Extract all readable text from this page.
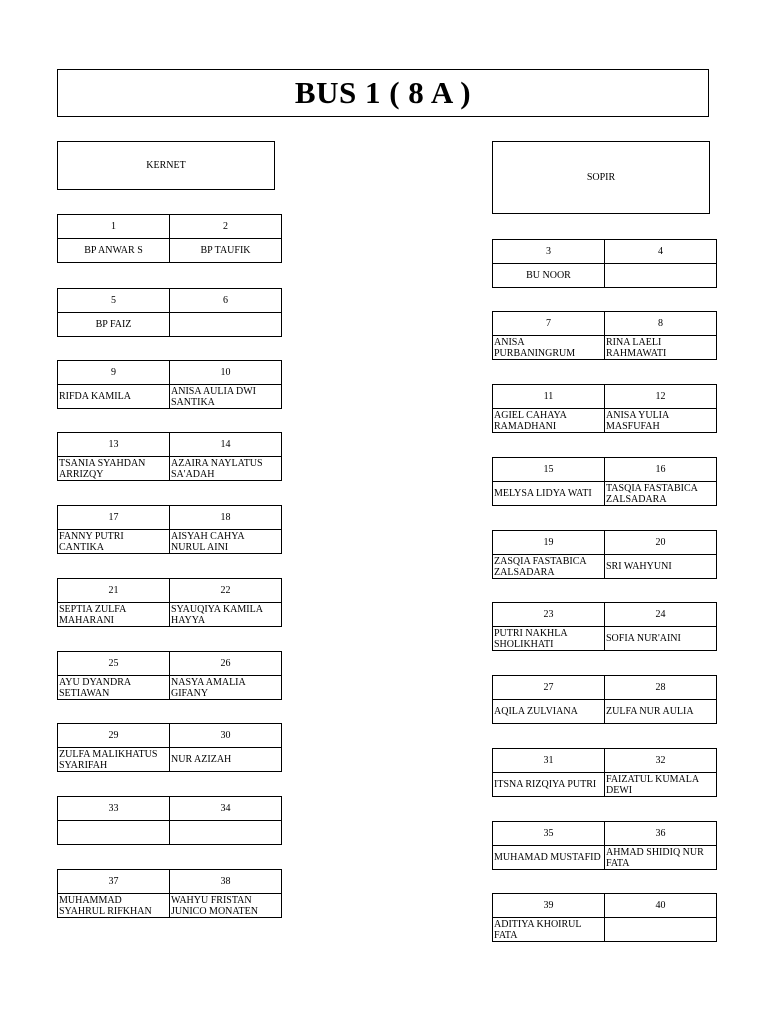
BUS 1 ( 8 A )
KERNET
SOPIR
1	2
BP ANWAR S	BP TAUFIK
5	6
BP FAIZ	
9	10
RIFDA KAMILA	ANISA AULIA DWI SANTIKA
13	14
TSANIA SYAHDAN ARRIZQY	AZAIRA NAYLATUS SA'ADAH
17	18
FANNY PUTRI CANTIKA	AISYAH CAHYA NURUL AINI
21	22
SEPTIA ZULFA MAHARANI	SYAUQIYA KAMILA HAYYA
25	26
AYU DYANDRA SETIAWAN	NASYA AMALIA GIFANY
29	30
ZULFA MALIKHATUS SYARIFAH	NUR AZIZAH
33	34

37	38
MUHAMMAD SYAHRUL RIFKHAN	WAHYU FRISTAN JUNICO MONATEN
3	4
BU NOOR	
7	8
ANISA PURBANINGRUM	RINA LAELI RAHMAWATI
11	12
AGIEL CAHAYA RAMADHANI	ANISA YULIA MASFUFAH
15	16
MELYSA LIDYA WATI	TASQIA FASTABICA ZALSADARA
19	20
ZASQIA FASTABICA ZALSADARA	SRI WAHYUNI
23	24
PUTRI NAKHLA SHOLIKHATI	SOFIA NUR'AINI
27	28
AQILA ZULVIANA	ZULFA NUR AULIA
31	32
ITSNA RIZQIYA PUTRI	FAIZATUL KUMALA DEWI
35	36
MUHAMAD MUSTAFID	AHMAD SHIDIQ NUR FATA
39	40
ADITIYA KHOIRUL FATA	
